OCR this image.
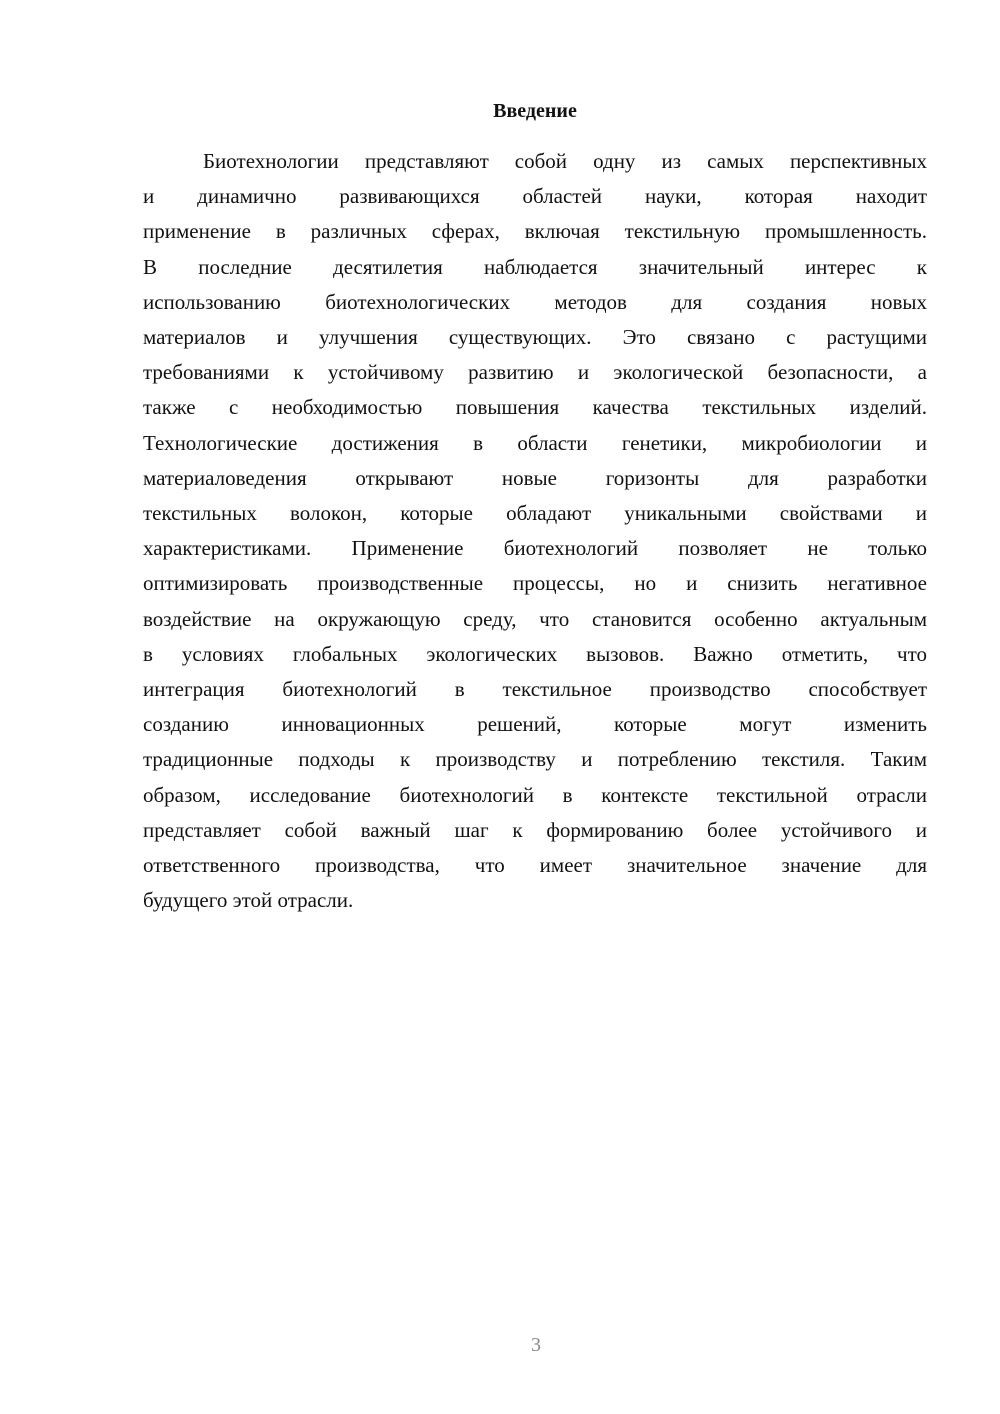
Введение

Биотехнологии представляют собой одну из самых перспективных
и динамично развивающихся областей науки, которая находит
применение в различных сферах, включая текстильную промышленность.
В последние десятилетия наблюдается значительный интерес к
использованию биотехнологических методов для создания новых
материалов и улучшения существующих. Это связано с растущими
требованиями к устойчивому развитию и экологической безопасности, а
также с необходимостью повышения качества текстильных изделий.
Технологические достижения в области генетики, микробиологии и
материаловедения открывают новые горизонты для разработки
текстильных волокон, которые обладают уникальными свойствами и
характеристиками. Применение биотехнологий позволяет не только
оптимизировать производственные процессы, но и снизить негативное
воздействие на окружающую среду, что становится особенно актуальным
в условиях глобальных экологических вызовов. Важно отметить, что
интеграция биотехнологий в текстильное производство способствует
созданию инновационных решений, которые могут изменить
традиционные подходы к производству и потреблению текстиля. Таким
образом, исследование биотехнологий в контексте текстильной отрасли
представляет собой важный шаг к формированию более устойчивого и
ответственного производства, что имеет значительное значение для
будущего этой отрасли.

3
